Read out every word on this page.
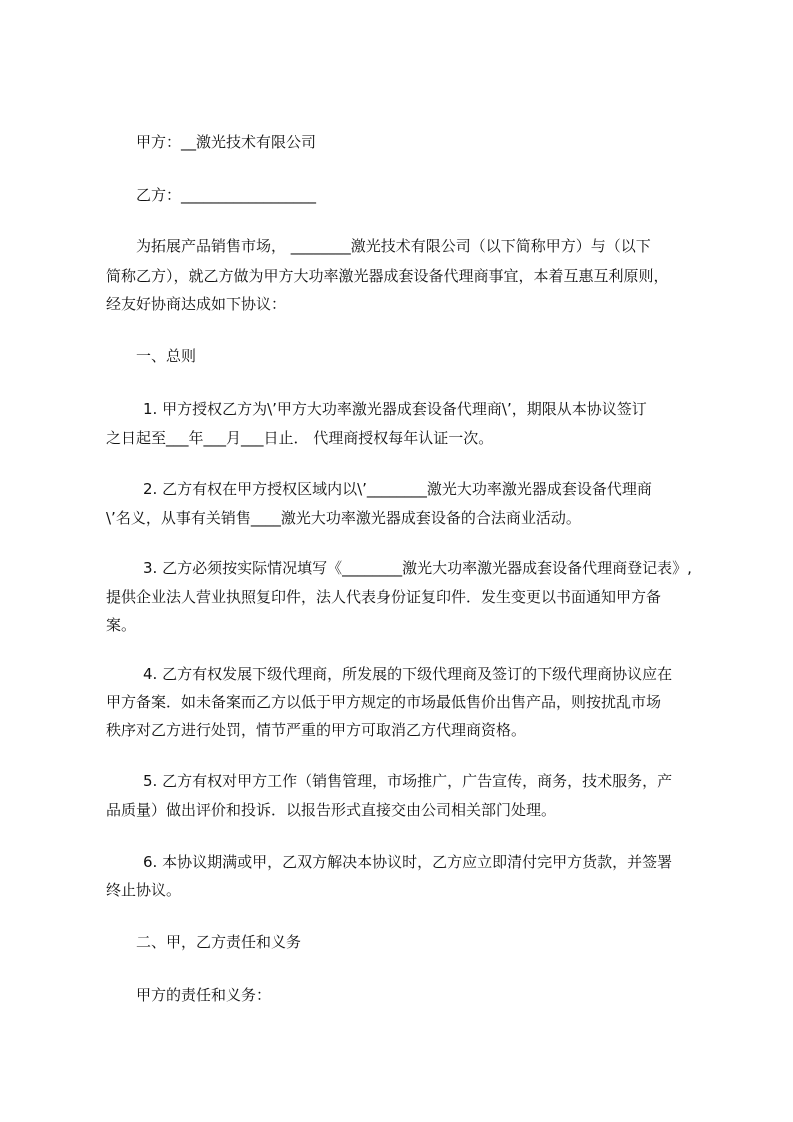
甲方：__激光技术有限公司
乙方：__________________
为拓展产品销售市场， ________激光技术有限公司（以下简称甲方）与（以下
简称乙方），就乙方做为甲方大功率激光器成套设备代理商事宜，本着互惠互利原则，
经友好协商达成如下协议：
一、总则
1. 甲方授权乙方为\’甲方大功率激光器成套设备代理商\’，期限从本协议签订
之日起至___年___月___日止． 代理商授权每年认证一次。
2. 乙方有权在甲方授权区域内以\’________激光大功率激光器成套设备代理商
\’名义，从事有关销售____激光大功率激光器成套设备的合法商业活动。
3. 乙方必须按实际情况填写《________激光大功率激光器成套设备代理商登记表》,
提供企业法人营业执照复印件，法人代表身份证复印件．发生变更以书面通知甲方备
案。
4. 乙方有权发展下级代理商，所发展的下级代理商及签订的下级代理商协议应在
甲方备案．如未备案而乙方以低于甲方规定的市场最低售价出售产品，则按扰乱市场
秩序对乙方进行处罚，情节严重的甲方可取消乙方代理商资格。
5. 乙方有权对甲方工作（销售管理，市场推广，广告宣传，商务，技术服务，产
品质量）做出评价和投诉．以报告形式直接交由公司相关部门处理。
6. 本协议期满或甲，乙双方解决本协议时，乙方应立即清付完甲方货款，并签署
终止协议。
二、甲，乙方责任和义务
甲方的责任和义务：
